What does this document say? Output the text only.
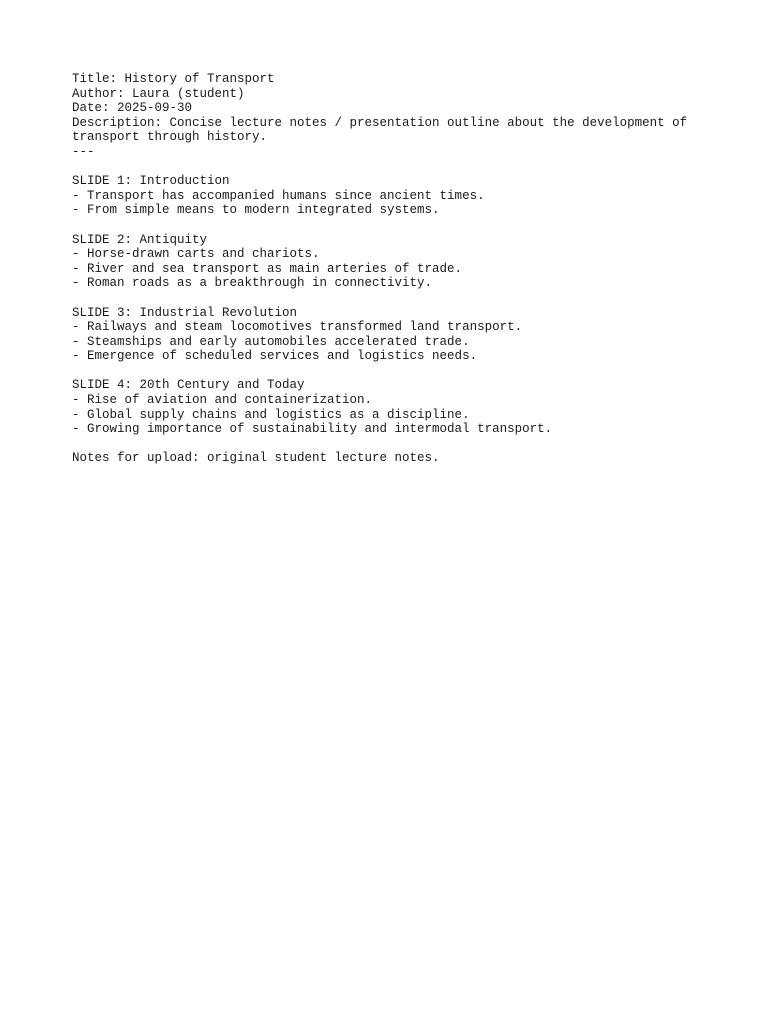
Title: History of Transport
Author: Laura (student)
Date: 2025-09-30
Description: Concise lecture notes / presentation outline about the development of
transport through history.
---
SLIDE 1: Introduction
- Transport has accompanied humans since ancient times.
- From simple means to modern integrated systems.
SLIDE 2: Antiquity
- Horse-drawn carts and chariots.
- River and sea transport as main arteries of trade.
- Roman roads as a breakthrough in connectivity.
SLIDE 3: Industrial Revolution
- Railways and steam locomotives transformed land transport.
- Steamships and early automobiles accelerated trade.
- Emergence of scheduled services and logistics needs.
SLIDE 4: 20th Century and Today
- Rise of aviation and containerization.
- Global supply chains and logistics as a discipline.
- Growing importance of sustainability and intermodal transport.
Notes for upload: original student lecture notes.
